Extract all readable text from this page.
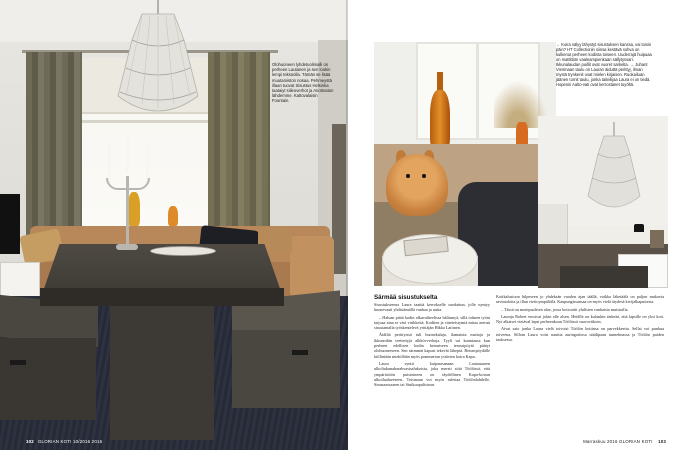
Olohuoneen lyhdetuolimalli on perheen Lautanen ja sen lookin lempi teksoolla. Tämän se lisää muutamiston nosaa. Pehmeystä illaan tuovat Sisustus Helsinka taataiyt siileoverhot ja Anotmaton lähdemme. Kattovalaisin Foontain.
102 GLORIAN KOTI 10/2016 2016
← Koira sälyy lähystyt sisustuksen kanssa, vai toisin päin? HT Collectionin siinsa kestävä sohva on kulkenut perheen kodista toiseen. Uuderrajä huipuaa on mattittiön vaaleampienkaan sällytyssari. Ikkunalaudan puillit ovat vuoret sarkelta. → Juhant Vierimaan taulu on Lauran äiduttä perittyj, ilman mystä trynkenit ovat mielen kirjaisen. Ruokailuan jäänen tornit taulu, jonka taiteilijaa Laura ei on tiedä. Hopenin Aalto-vati ovat kerrostanet tuyöltä.
Särmää sisustukselta

Sisustukseensa Laura taattiä kerrokselle suodattun, jolle nyntyy huonevaati yhdistämällä vanhaa ja uutta.

– Haluan pitää kodin alkuvaiheelissa häliinnyä, sillä tolmen työni tarjoaa aina se väsi virikkeitä. Koditen ja väreteistymiä mitaa asetutt sisustamalla työskentelevä yrittäjän Hikka Laitinen.

Äidiltä perittyissä tuli huonekaluja, ilamainia mattoja ja ikkunoihin teettettyjä alkkövverhoja. Tyyli sai kunniansa kun perheen edellisen kodin betoniseen terassipöytä päätyi olohuoneeseen. Sen särmmät kapust tekevät läheptä. Betonipöydälle kiillintään miekillään myös pommerian ystävien koira Kapu.

Laura syntii kaiparasanaan Lautauaaren ulkoliukunabarahvasisalukoista, joka mersti siitä Töölössä, että ympäristöön puistoineen on täydellinen Kapu-koiran ulkoilualueeseen. Toisinaan voi myös rulettaa Töölönlahdelle, Sinusaassaaren tai Sinikuopulistoon.

Kotikalustoon hilpeseen jo yhdeksän vuoden ajan täällä, vaikka lähetäälä on paljon mukavia ravintoloita ja illan viettoympälöilä. Kaupungissansaa on myös vielä täydesä kivijalkapuitesia.

– Tässä on monipuolisen alue, jossa hoissoitit yhdisten vanhaisia muistoilla.

Lauraja Robert erosivat jokin alle alsen. Heidlle on kulunkin tärkeää, että lapsille on yksi koti. Nyt alkaiset vietäval lapsi perheenkoan Töölössä vuoroviikoin.

Aivat saio jonka Laura vielä toivoisi Töölön kotiinsa on parvekkeetta. Sellai voi punkua toiveena. Silloin Laura voisi nauttia auringottissa stäälipaan tunnelmassa ja Töölön puiden taoksessa.

Marraskuu 2016 GLORIAN KOTI 103
